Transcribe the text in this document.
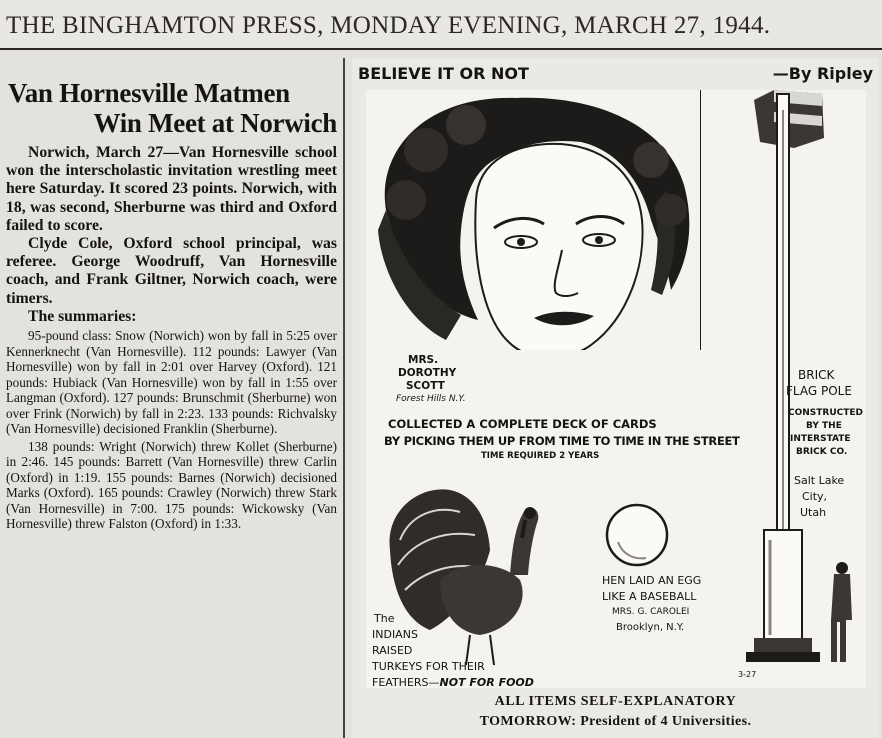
THE BINGHAMTON PRESS, MONDAY EVENING, MARCH 27, 1944.
Van Hornesville Matmen
Win Meet at Norwich

Norwich, March 27—Van Hornesville school won the interscholastic invitation wrestling meet here Saturday. It scored 23 points. Norwich, with 18, was second, Sherburne was third and Oxford failed to score.

Clyde Cole, Oxford school principal, was referee. George Woodruff, Van Hornesville coach, and Frank Giltner, Norwich coach, were timers.

The summaries:

95-pound class: Snow (Norwich) won by fall in 5:25 over Kennerknecht (Van Hornesville). 112 pounds: Lawyer (Van Hornesville) won by fall in 2:01 over Harvey (Oxford). 121 pounds: Hubiack (Van Hornesville) won by fall in 1:55 over Langman (Oxford). 127 pounds: Brunschmit (Sherburne) won over Frink (Norwich) by fall in 2:23. 133 pounds: Richvalsky (Van Hornesville) decisioned Franklin (Sherburne).

138 pounds: Wright (Norwich) threw Kollet (Sherburne) in 2:46. 145 pounds: Barrett (Van Hornesville) threw Carlin (Oxford) in 1:19. 155 pounds: Barnes (Norwich) decisioned Marks (Oxford). 165 pounds: Crawley (Norwich) threw Stark (Van Hornesville) in 7:00. 175 pounds: Wickowsky (Van Hornesville) threw Falston (Oxford) in 1:33.

BELIEVE IT OR NOT	—By Ripley
MRS.
DOROTHY
SCOTT
Forest Hills N.Y.
COLLECTED A COMPLETE DECK OF CARDS
BY PICKING THEM UP FROM TIME TO TIME IN THE STREET
TIME REQUIRED 2 YEARS
BRICK
FLAG POLE
CONSTRUCTED
BY THE
INTERSTATE
BRICK CO.
Salt Lake
City,
Utah
HEN LAID AN EGG
LIKE A BASEBALL
MRS. G. CAROLEI
Brooklyn, N.Y.
The
INDIANS
RAISED
TURKEYS FOR THEIR
FEATHERS—NOT FOR FOOD
3-27
ALL ITEMS SELF-EXPLANATORY
TOMORROW: President of 4 Universities.
